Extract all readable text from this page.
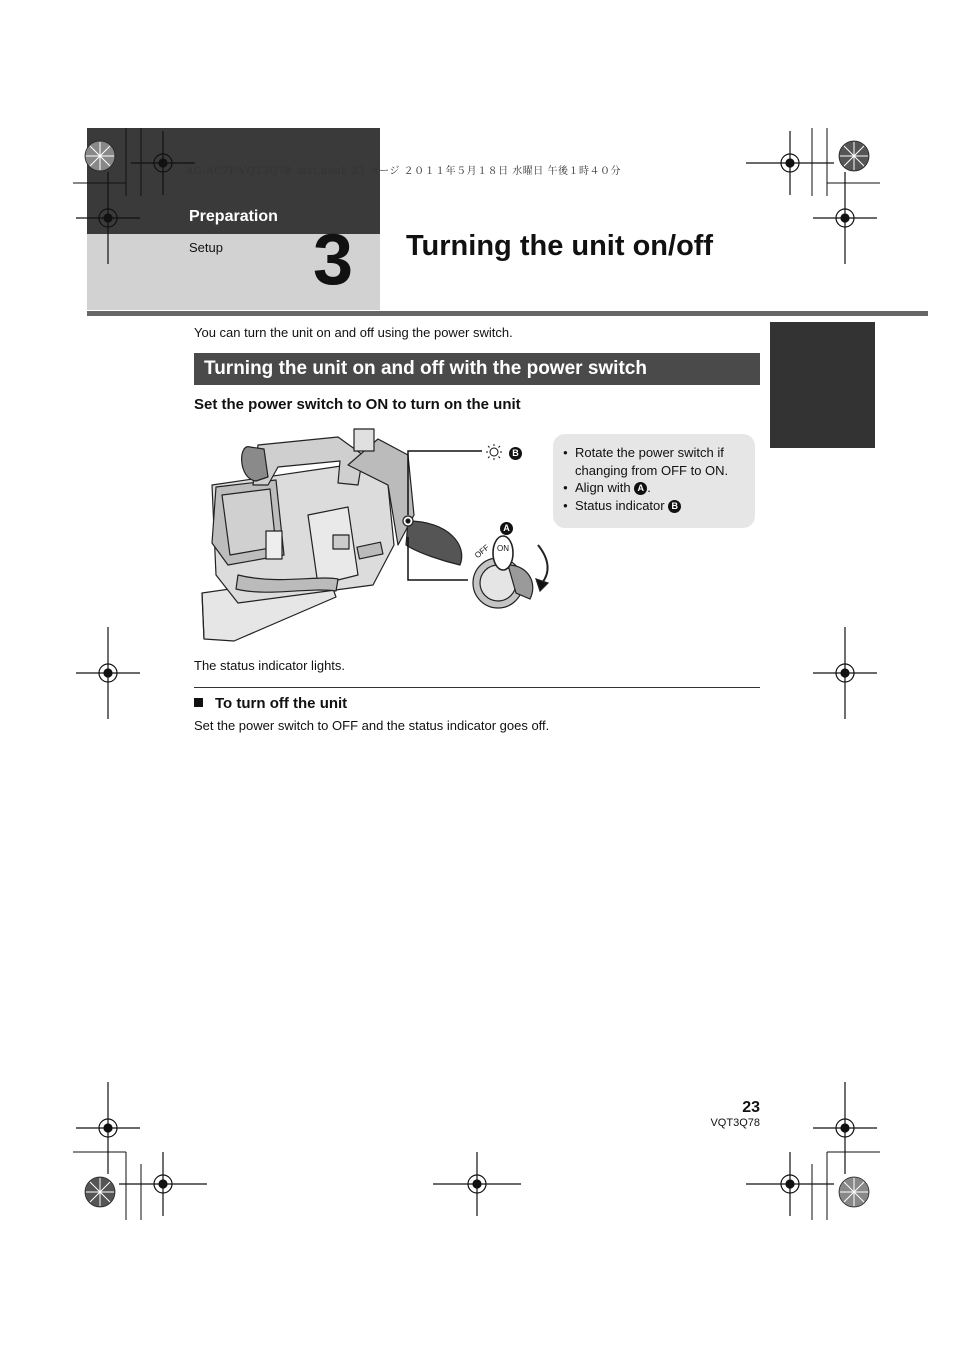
Preparation
Setup 3 Turning the unit on/off
AG-AC7P-VQT3Q78_mst.book 23 ページ ２０１１年５月１８日 水曜日 午後１時４０分
You can turn the unit on and off using the power switch.
Turning the unit on and off with the power switch
Set the power switch to ON to turn on the unit
B
A
OFF ON
● Rotate the power switch if changing from OFF to ON.
● Align with A .
● Status indicator B
The status indicator lights.
To turn off the unit
Set the power switch to OFF and the status indicator goes off.
23
VQT3Q78
